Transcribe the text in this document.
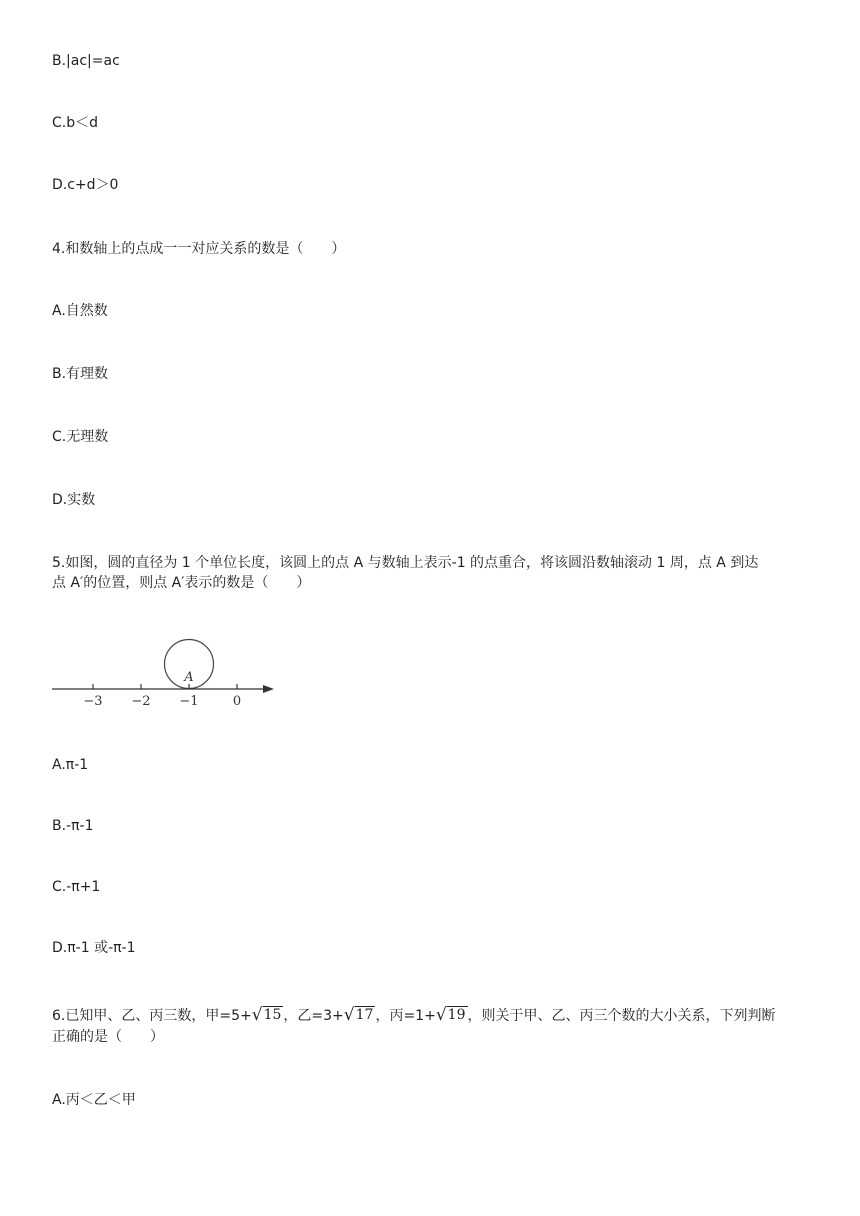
B.|ac|=ac
C.b＜d
D.c+d＞0
4.和数轴上的点成一一对应关系的数是（　　）
A.自然数
B.有理数
C.无理数
D.实数
5.如图，圆的直径为 1 个单位长度，该圆上的点 A 与数轴上表示-1 的点重合，将该圆沿数轴滚动 1 周，点 A 到达
点 A′的位置，则点 A′表示的数是（　　）
A
−3 −2 −1	0
A.π-1
B.-π-1
C.-π+1
D.π-1 或-π-1
6.已知甲、乙、丙三数，甲=5+√15 ，乙=3+√17 ，丙=1+√19 ，则关于甲、乙、丙三个数的大小关系，下列判断
正确的是（　　）
A.丙＜乙＜甲
